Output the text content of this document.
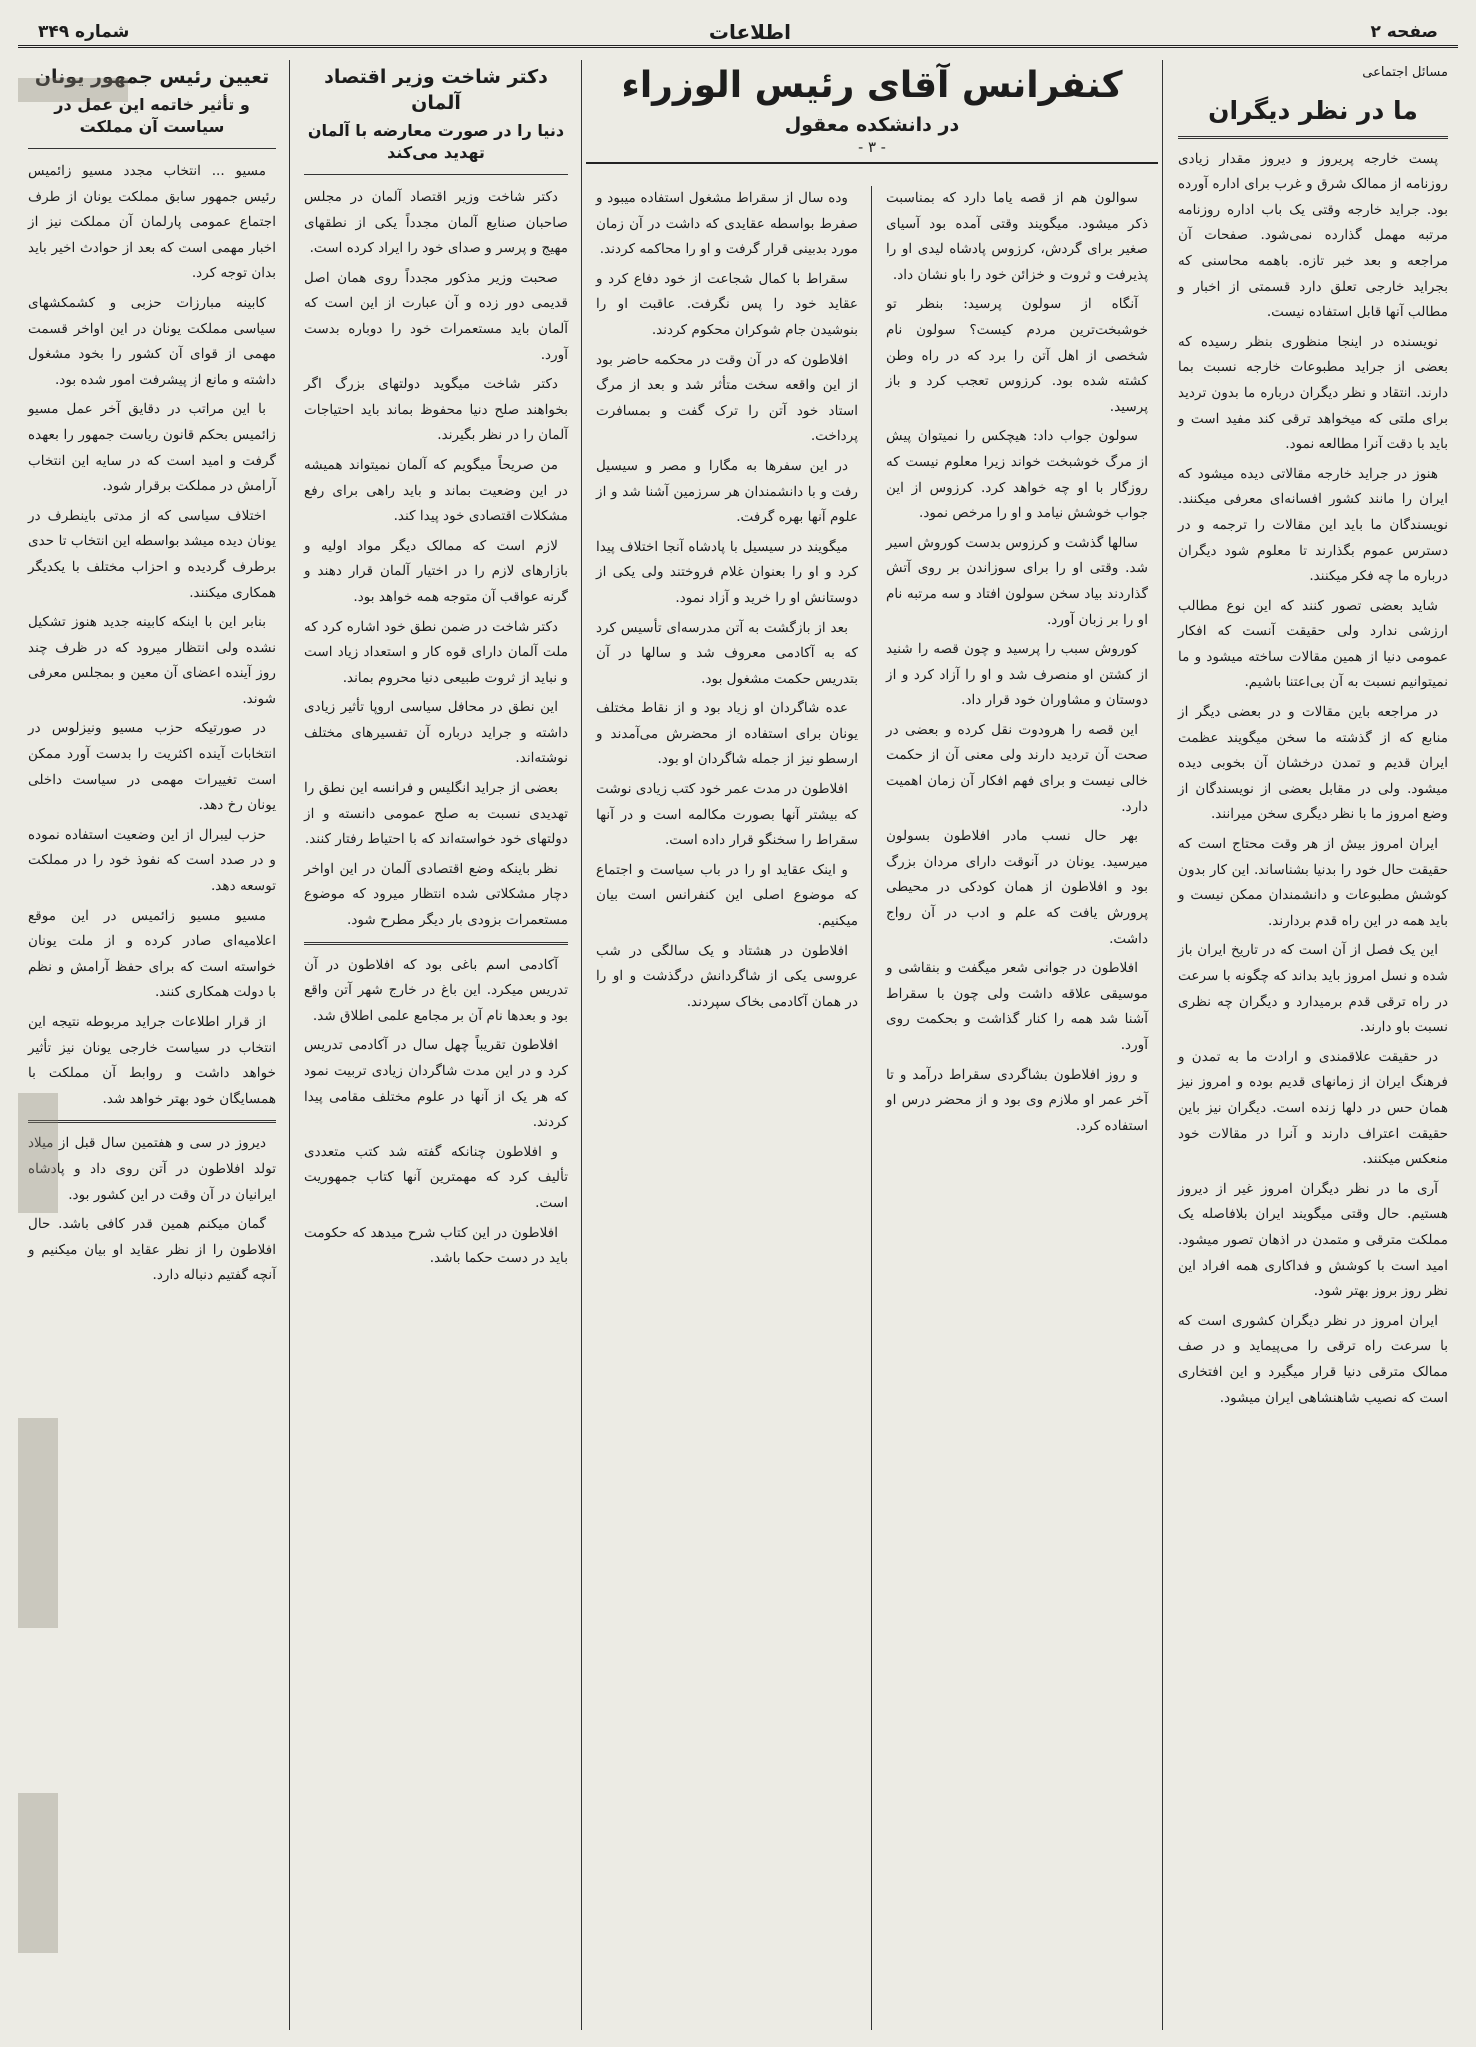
صفحه ۲
اطلاعات
شماره ۳۴۹
مسائل اجتماعی
ما در نظر دیگران

پست خارجه پریروز و دیروز مقدار زیادی روزنامه از ممالک شرق و غرب برای اداره آورده بود. جراید خارجه وقتی یک باب اداره روزنامه مرتبه مهمل گذارده نمی‌شود. صفحات آن مراجعه و بعد خبر تازه. باهمه محاسنی که بجراید خارجی تعلق دارد قسمتی از اخبار و مطالب آنها قابل استفاده نیست.

نویسنده در اینجا منظوری بنظر رسیده که بعضی از جراید مطبوعات خارجه نسبت بما دارند. انتقاد و نظر دیگران درباره ما بدون تردید برای ملتی که میخواهد ترقی کند مفید است و باید با دقت آنرا مطالعه نمود.

هنوز در جراید خارجه مقالاتی دیده میشود که ایران را مانند کشور افسانه‌ای معرفی میکنند. نویسندگان ما باید این مقالات را ترجمه و در دسترس عموم بگذارند تا معلوم شود دیگران درباره ما چه فکر میکنند.

شاید بعضی تصور کنند که این نوع مطالب ارزشی ندارد ولی حقیقت آنست که افکار عمومی دنیا از همین مقالات ساخته میشود و ما نمیتوانیم نسبت به آن بی‌اعتنا باشیم.

در مراجعه باین مقالات و در بعضی دیگر از منابع که از گذشته ما سخن میگویند عظمت ایران قدیم و تمدن درخشان آن بخوبی دیده میشود. ولی در مقابل بعضی از نویسندگان از وضع امروز ما با نظر دیگری سخن میرانند.

ایران امروز بیش از هر وقت محتاج است که حقیقت حال خود را بدنیا بشناساند. این کار بدون کوشش مطبوعات و دانشمندان ممکن نیست و باید همه در این راه قدم بردارند.

این یک فصل از آن است که در تاریخ ایران باز شده و نسل امروز باید بداند که چگونه با سرعت در راه ترقی قدم برمیدارد و دیگران چه نظری نسبت باو دارند.

در حقیقت علاقمندی و ارادت ما به تمدن و فرهنگ ایران از زمانهای قدیم بوده و امروز نیز همان حس در دلها زنده است. دیگران نیز باین حقیقت اعتراف دارند و آنرا در مقالات خود منعکس میکنند.

آری ما در نظر دیگران امروز غیر از دیروز هستیم. حال وقتی میگویند ایران بلافاصله یک مملکت مترقی و متمدن در اذهان تصور میشود. امید است با کوشش و فداکاری همه افراد این نظر روز بروز بهتر شود.

ایران امروز در نظر دیگران کشوری است که با سرعت راه ترقی را می‌پیماید و در صف ممالک مترقی دنیا قرار میگیرد و این افتخاری است که نصیب شاهنشاهی ایران میشود.

کنفرانس آقای رئیس الوزراء
در دانشکده معقول
- ۳ -

سوالون هم از قصه یاما دارد که بمناسبت ذکر میشود. میگویند وقتی آمده بود آسیای صغیر برای گردش، کرزوس پادشاه لیدی او را پذیرفت و ثروت و خزائن خود را باو نشان داد.

آنگاه از سولون پرسید: بنظر تو خوشبخت‌ترین مردم کیست؟ سولون نام شخصی از اهل آتن را برد که در راه وطن کشته شده بود. کرزوس تعجب کرد و باز پرسید.

سولون جواب داد: هیچکس را نمیتوان پیش از مرگ خوشبخت خواند زیرا معلوم نیست که روزگار با او چه خواهد کرد. کرزوس از این جواب خوشش نیامد و او را مرخص نمود.

سالها گذشت و کرزوس بدست کوروش اسیر شد. وقتی او را برای سوزاندن بر روی آتش گذاردند بیاد سخن سولون افتاد و سه مرتبه نام او را بر زبان آورد.

کوروش سبب را پرسید و چون قصه را شنید از کشتن او منصرف شد و او را آزاد کرد و از دوستان و مشاوران خود قرار داد.

این قصه را هرودوت نقل کرده و بعضی در صحت آن تردید دارند ولی معنی آن از حکمت خالی نیست و برای فهم افکار آن زمان اهمیت دارد.

بهر حال نسب مادر افلاطون بسولون میرسید. یونان در آنوقت دارای مردان بزرگ بود و افلاطون از همان کودکی در محیطی پرورش یافت که علم و ادب در آن رواج داشت.

افلاطون در جوانی شعر میگفت و بنقاشی و موسیقی علاقه داشت ولی چون با سقراط آشنا شد همه را کنار گذاشت و بحکمت روی آورد.

و روز افلاطون بشاگردی سقراط درآمد و تا آخر عمر او ملازم وی بود و از محضر درس او استفاده کرد.

وده سال از سقراط مشغول استفاده میبود و صفرط بواسطه عقایدی که داشت در آن زمان مورد بدبینی قرار گرفت و او را محاکمه کردند.

سقراط با کمال شجاعت از خود دفاع کرد و عقاید خود را پس نگرفت. عاقبت او را بنوشیدن جام شوکران محکوم کردند.

افلاطون که در آن وقت در محکمه حاضر بود از این واقعه سخت متأثر شد و بعد از مرگ استاد خود آتن را ترک گفت و بمسافرت پرداخت.

در این سفرها به مگارا و مصر و سیسیل رفت و با دانشمندان هر سرزمین آشنا شد و از علوم آنها بهره گرفت.

میگویند در سیسیل با پادشاه آنجا اختلاف پیدا کرد و او را بعنوان غلام فروختند ولی یکی از دوستانش او را خرید و آزاد نمود.

بعد از بازگشت به آتن مدرسه‌ای تأسیس کرد که به آکادمی معروف شد و سالها در آن بتدریس حکمت مشغول بود.

عده شاگردان او زیاد بود و از نقاط مختلف یونان برای استفاده از محضرش می‌آمدند و ارسطو نیز از جمله شاگردان او بود.

افلاطون در مدت عمر خود کتب زیادی نوشت که بیشتر آنها بصورت مکالمه است و در آنها سقراط را سخنگو قرار داده است.

و اینک عقاید او را در باب سیاست و اجتماع که موضوع اصلی این کنفرانس است بیان میکنیم.

افلاطون در هشتاد و یک سالگی در شب عروسی یکی از شاگردانش درگذشت و او را در همان آکادمی بخاک سپردند.

دکتر شاخت وزیر اقتصاد آلمان
دنیا را در صورت معارضه با آلمان تهدید می‌کند

دکتر شاخت وزیر اقتصاد آلمان در مجلس صاحبان صنایع آلمان مجدداً یکی از نطقهای مهیج و پرسر و صدای خود را ایراد کرده است.

صحبت وزیر مذکور مجدداً روی همان اصل قدیمی دور زده و آن عبارت از این است که آلمان باید مستعمرات خود را دوباره بدست آورد.

دکتر شاخت میگوید دولتهای بزرگ اگر بخواهند صلح دنیا محفوظ بماند باید احتیاجات آلمان را در نظر بگیرند.

من صریحاً میگویم که آلمان نمیتواند همیشه در این وضعیت بماند و باید راهی برای رفع مشکلات اقتصادی خود پیدا کند.

لازم است که ممالک دیگر مواد اولیه و بازارهای لازم را در اختیار آلمان قرار دهند و گرنه عواقب آن متوجه همه خواهد بود.

دکتر شاخت در ضمن نطق خود اشاره کرد که ملت آلمان دارای قوه کار و استعداد زیاد است و نباید از ثروت طبیعی دنیا محروم بماند.

این نطق در محافل سیاسی اروپا تأثیر زیادی داشته و جراید درباره آن تفسیرهای مختلف نوشته‌اند.

بعضی از جراید انگلیس و فرانسه این نطق را تهدیدی نسبت به صلح عمومی دانسته و از دولتهای خود خواسته‌اند که با احتیاط رفتار کنند.

نظر باینکه وضع اقتصادی آلمان در این اواخر دچار مشکلاتی شده انتظار میرود که موضوع مستعمرات بزودی بار دیگر مطرح شود.

آکادمی اسم باغی بود که افلاطون در آن تدریس میکرد. این باغ در خارج شهر آتن واقع بود و بعدها نام آن بر مجامع علمی اطلاق شد.

افلاطون تقریباً چهل سال در آکادمی تدریس کرد و در این مدت شاگردان زیادی تربیت نمود که هر یک از آنها در علوم مختلف مقامی پیدا کردند.

و افلاطون چنانکه گفته شد کتب متعددی تألیف کرد که مهمترین آنها کتاب جمهوریت است.

افلاطون در این کتاب شرح میدهد که حکومت باید در دست حکما باشد.

تعیین رئیس جمهور یونان
و تأثیر خاتمه این عمل در سیاست آن مملکت

مسیو ... انتخاب مجدد مسیو زائمیس رئیس جمهور سابق مملکت یونان از طرف اجتماع عمومی پارلمان آن مملکت نیز از اخبار مهمی است که بعد از حوادث اخیر باید بدان توجه کرد.

کابینه مبارزات حزبی و کشمکشهای سیاسی مملکت یونان در این اواخر قسمت مهمی از قوای آن کشور را بخود مشغول داشته و مانع از پیشرفت امور شده بود.

با این مراتب در دقایق آخر عمل مسیو زائمیس بحکم قانون ریاست جمهور را بعهده گرفت و امید است که در سایه این انتخاب آرامش در مملکت برقرار شود.

اختلاف سیاسی که از مدتی باینطرف در یونان دیده میشد بواسطه این انتخاب تا حدی برطرف گردیده و احزاب مختلف با یکدیگر همکاری میکنند.

بنابر این با اینکه کابینه جدید هنوز تشکیل نشده ولی انتظار میرود که در ظرف چند روز آینده اعضای آن معین و بمجلس معرفی شوند.

در صورتیکه حزب مسیو ونیزلوس در انتخابات آینده اکثریت را بدست آورد ممکن است تغییرات مهمی در سیاست داخلی یونان رخ دهد.

حزب لیبرال از این وضعیت استفاده نموده و در صدد است که نفوذ خود را در مملکت توسعه دهد.

مسیو مسیو زائمیس در این موقع اعلامیه‌ای صادر کرده و از ملت یونان خواسته است که برای حفظ آرامش و نظم با دولت همکاری کنند.

از قرار اطلاعات جراید مربوطه نتیجه این انتخاب در سیاست خارجی یونان نیز تأثیر خواهد داشت و روابط آن مملکت با همسایگان خود بهتر خواهد شد.

دیروز در سی و هفتمین سال قبل از میلاد تولد افلاطون در آتن روی داد و پادشاه ایرانیان در آن وقت در این کشور بود.

گمان میکنم همین قدر کافی باشد. حال افلاطون را از نظر عقاید او بیان میکنیم و آنچه گفتیم دنباله دارد.
